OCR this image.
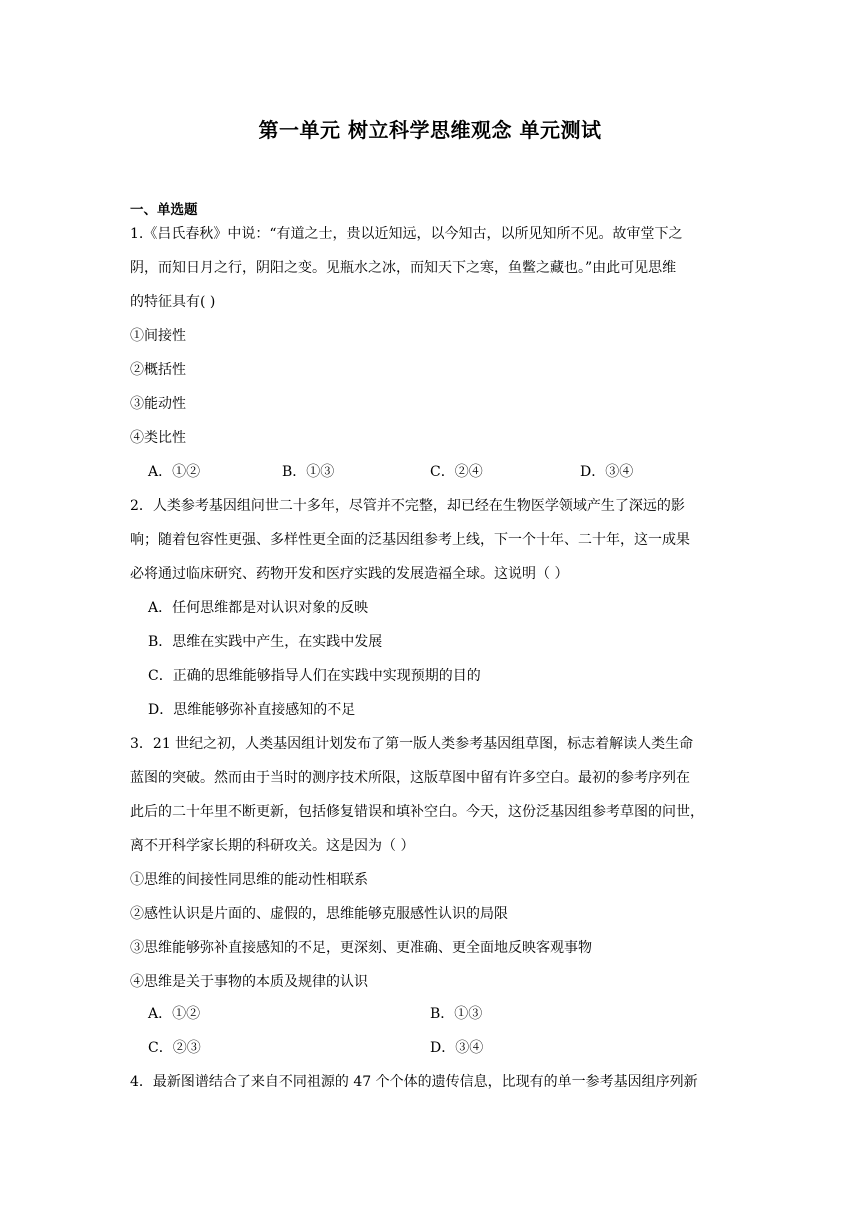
第一单元 树立科学思维观念 单元测试
一、单选题
1.《吕氏春秋》中说：“有道之士，贵以近知远，以今知古，以所见知所不见。故审堂下之
阴，而知日月之行，阴阳之变。见瓶水之冰，而知天下之寒，鱼鳖之藏也。”由此可见思维
的特征具有( )
①间接性
②概括性
③能动性
④类比性
A．①②	B．①③	C．②④	D．③④
2．人类参考基因组问世二十多年，尽管并不完整，却已经在生物医学领域产生了深远的影
响；随着包容性更强、多样性更全面的泛基因组参考上线，下一个十年、二十年，这一成果
必将通过临床研究、药物开发和医疗实践的发展造福全球。这说明（ ）
A．任何思维都是对认识对象的反映
B．思维在实践中产生，在实践中发展
C．正确的思维能够指导人们在实践中实现预期的目的
D．思维能够弥补直接感知的不足
3．21 世纪之初，人类基因组计划发布了第一版人类参考基因组草图，标志着解读人类生命
蓝图的突破。然而由于当时的测序技术所限，这版草图中留有许多空白。最初的参考序列在
此后的二十年里不断更新，包括修复错误和填补空白。今天，这份泛基因组参考草图的问世，
离不开科学家长期的科研攻关。这是因为（ ）
①思维的间接性同思维的能动性相联系
②感性认识是片面的、虚假的，思维能够克服感性认识的局限
③思维能够弥补直接感知的不足，更深刻、更准确、更全面地反映客观事物
④思维是关于事物的本质及规律的认识
A．①②	B．①③
C．②③	D．③④
4．最新图谱结合了来自不同祖源的 47 个个体的遗传信息，比现有的单一参考基因组序列新
